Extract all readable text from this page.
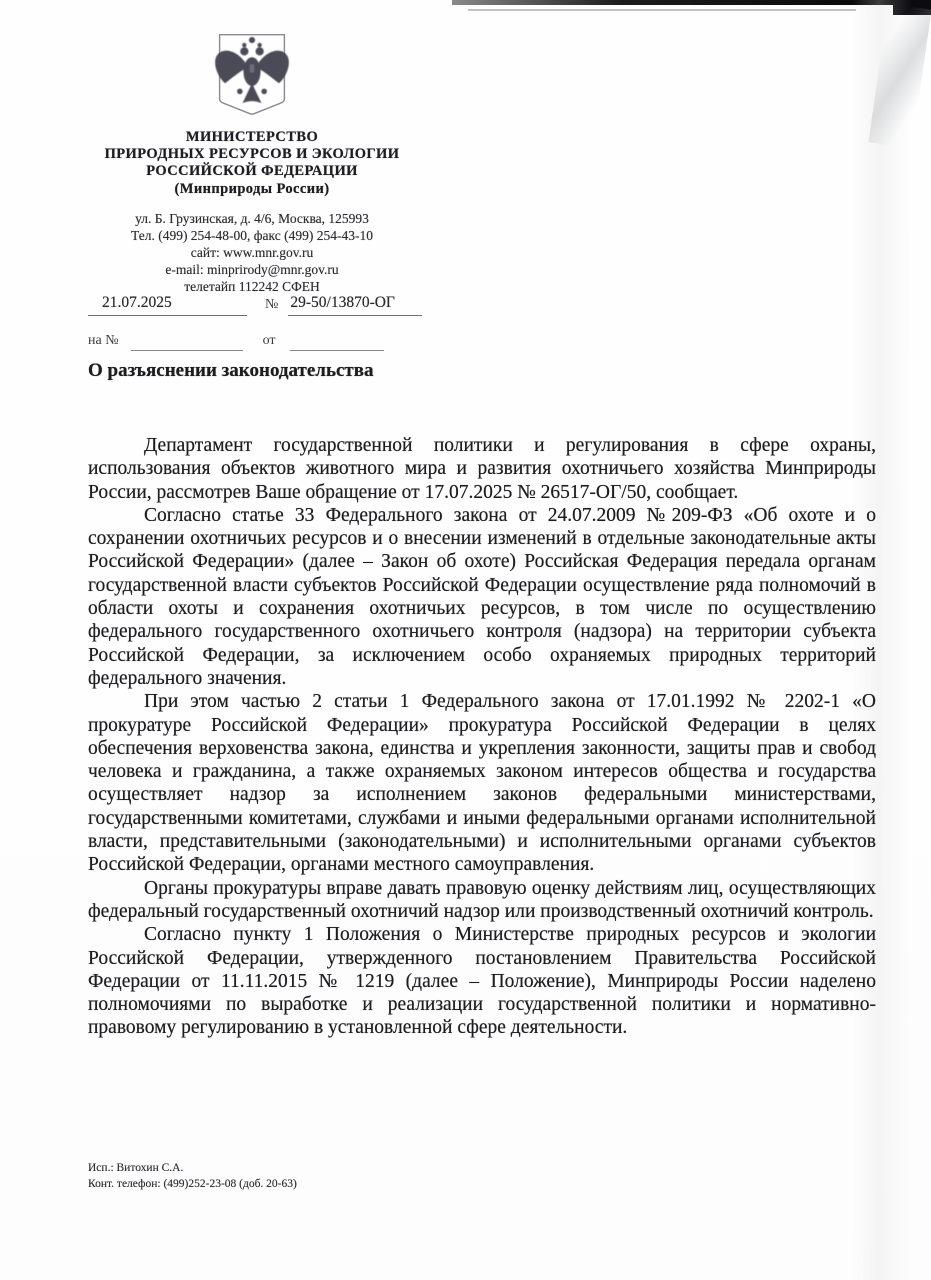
МИНИСТЕРСТВО
ПРИРОДНЫХ РЕСУРСОВ И ЭКОЛОГИИ
РОССИЙСКОЙ ФЕДЕРАЦИИ
(Минприроды России)
ул. Б. Грузинская, д. 4/6, Москва, 125993
Тел. (499) 254-48-00, факс (499) 254-43-10
сайт: www.mnr.gov.ru
e-mail: minprirody@mnr.gov.ru
телетайп 112242 СФЕН
21.07.2025	№ 29-50/13870-ОГ
на №	от
О разъяснении законодательства

Департамент государственной политики и регулирования в сфере охраны, использования объектов животного мира и развития охотничьего хозяйства Минприроды России, рассмотрев Ваше обращение от 17.07.2025 № 26517-ОГ/50, сообщает.

Согласно статье 33 Федерального закона от 24.07.2009 №209-ФЗ «Об охоте и о сохранении охотничьих ресурсов и о внесении изменений в отдельные законодательные акты Российской Федерации» (далее – Закон об охоте) Российская Федерация передала органам государственной власти субъектов Российской Федерации осуществление ряда полномочий в области охоты и сохранения охотничьих ресурсов, в том числе по осуществлению федерального государственного охотничьего контроля (надзора) на территории субъекта Российской Федерации, за исключением особо охраняемых природных территорий федерального значения.

При этом частью 2 статьи 1 Федерального закона от 17.01.1992 № 2202-1 «О прокуратуре Российской Федерации» прокуратура Российской Федерации в целях обеспечения верховенства закона, единства и укрепления законности, защиты прав и свобод человека и гражданина, а также охраняемых законом интересов общества и государства осуществляет надзор за исполнением законов федеральными министерствами, государственными комитетами, службами и иными федеральными органами исполнительной власти, представительными (законодательными) и исполнительными органами субъектов Российской Федерации, органами местного самоуправления.

Органы прокуратуры вправе давать правовую оценку действиям лиц, осуществляющих федеральный государственный охотничий надзор или производственный охотничий контроль.

Согласно пункту 1 Положения о Министерстве природных ресурсов и экологии Российской Федерации, утвержденного постановлением Правительства Российской Федерации от 11.11.2015 № 1219 (далее – Положение), Минприроды России наделено полномочиями по выработке и реализации государственной политики и нормативно-правовому регулированию в установленной сфере деятельности.

Исп.: Витохин С.А.
Конт. телефон: (499)252-23-08 (доб. 20-63)
